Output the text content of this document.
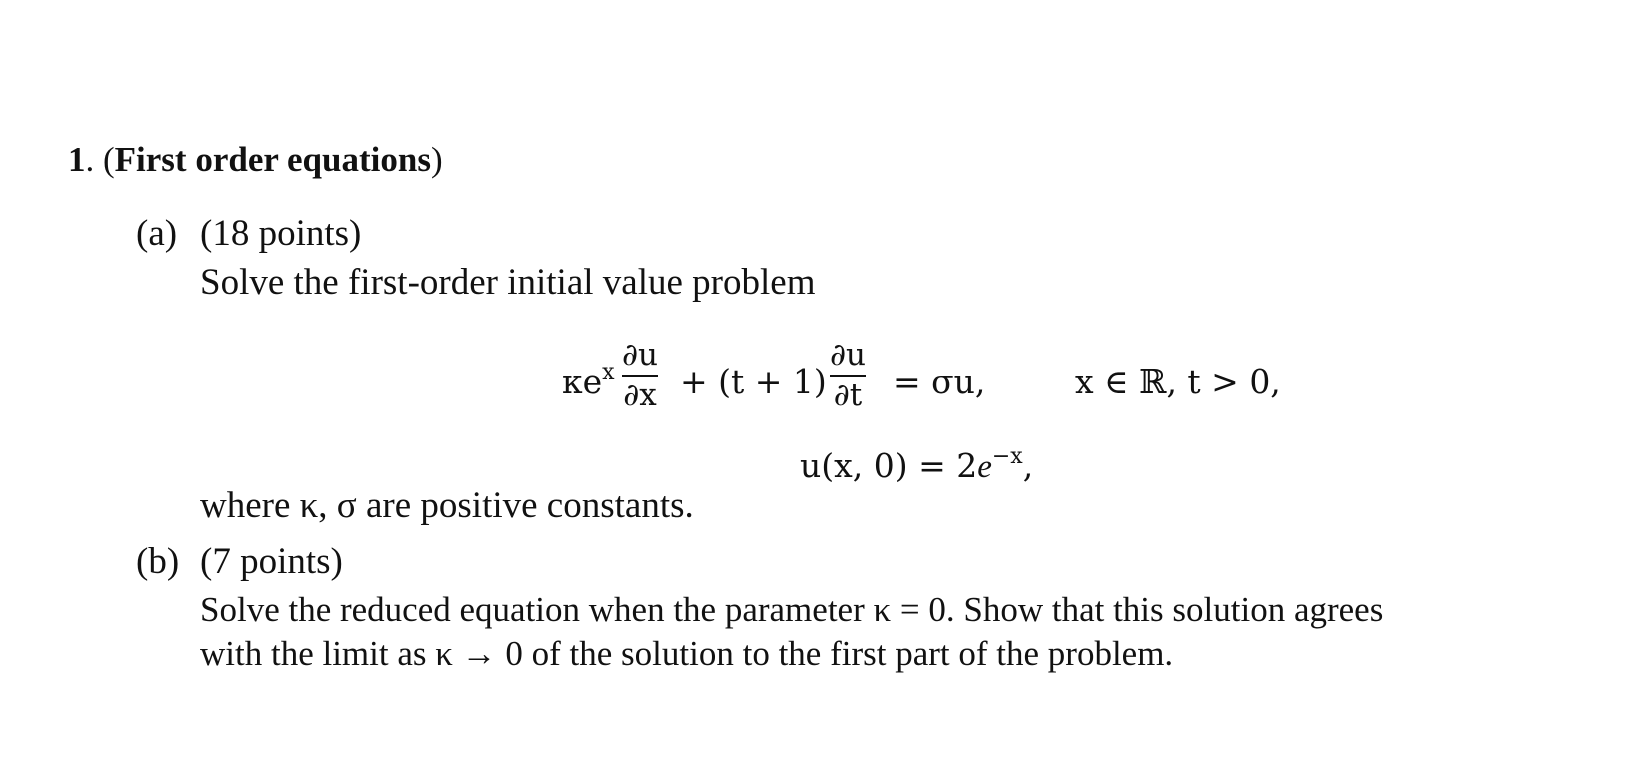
1. (First order equations)
(a) (18 points)
Solve the first-order initial value problem
$\kappa e^x$ ∂u
∂x + (t + 1)
∂u
∂t = σu,	x ∈ ℝ, t > 0,
u(x, $0) = 2e^{-x}$,
where κ, σ are positive constants.
(b) (7 points)
Solve the reduced equation when the parameter κ = 0. Show that this solution agrees
with the limit as κ → 0 of the solution to the first part of the problem.
